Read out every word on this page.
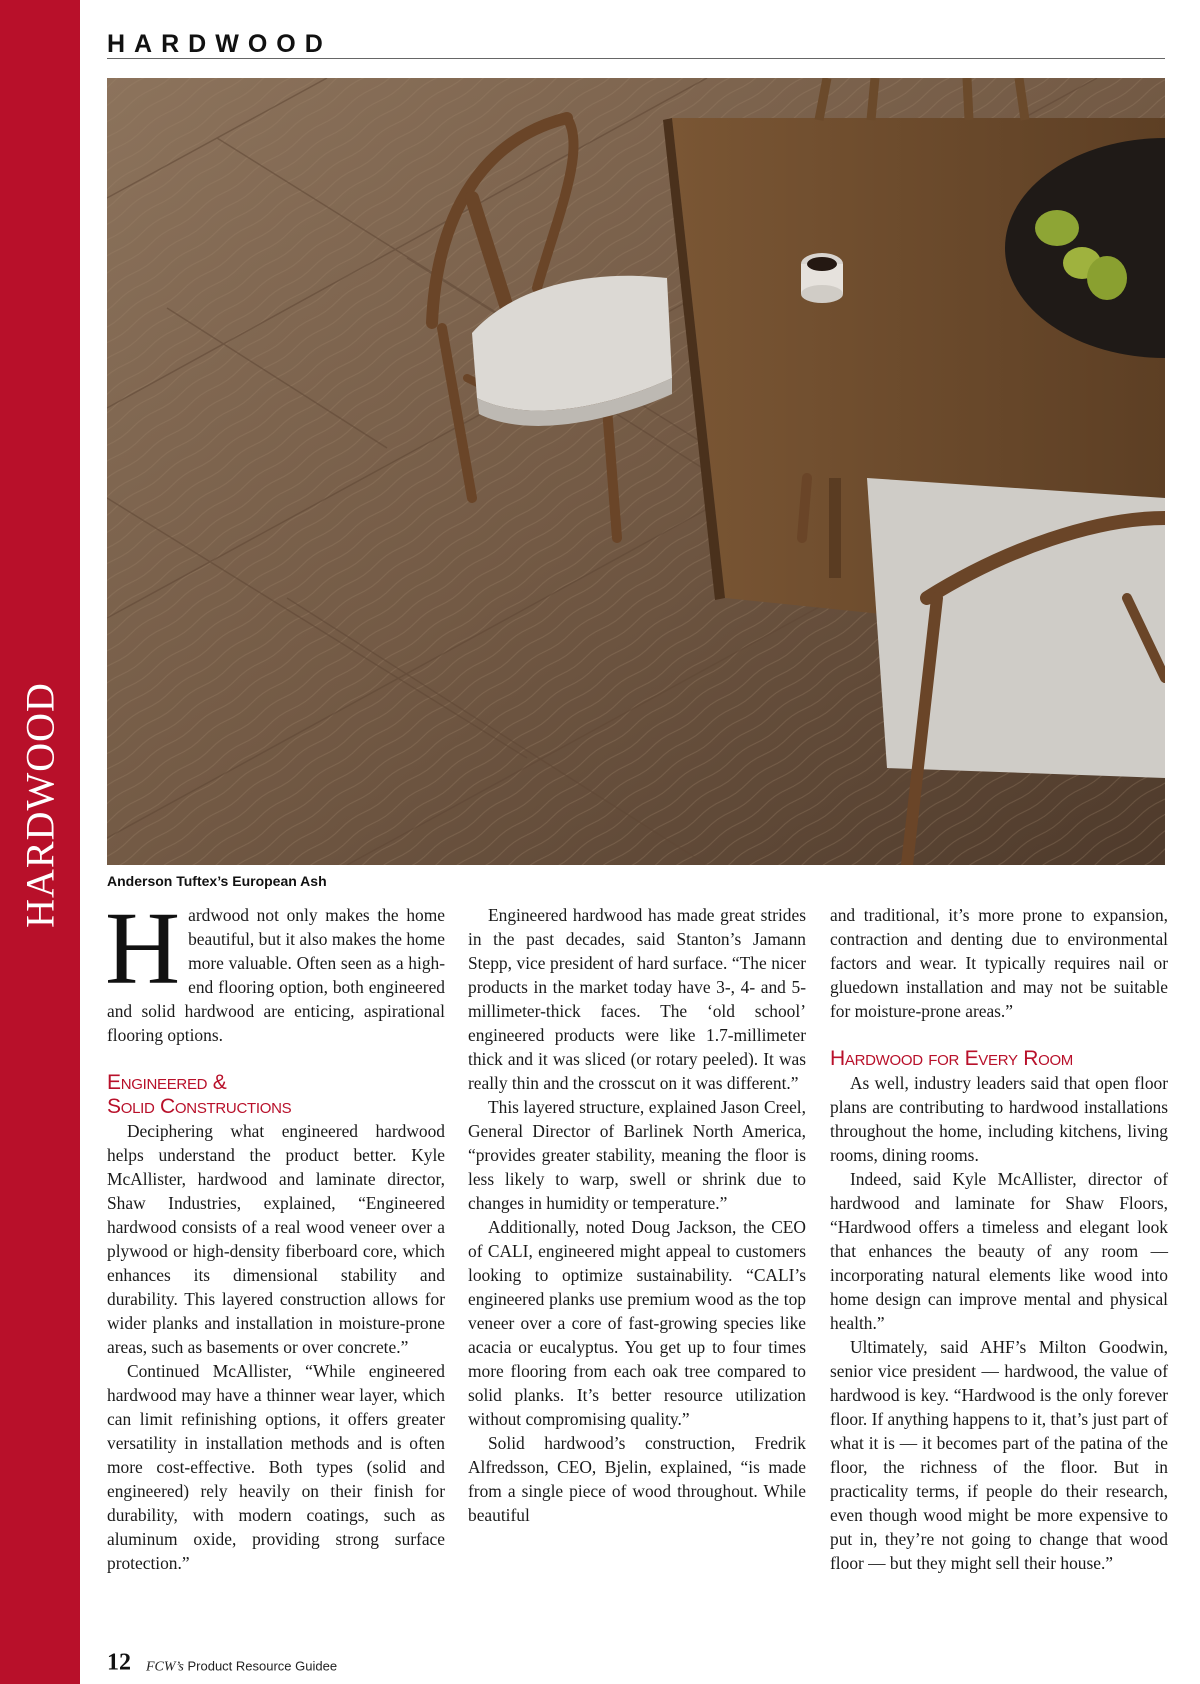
HARDWOOD
HARDWOOD
Anderson Tuftex’s European Ash

Hardwood not only makes the home beautiful, but it also makes the home more valuable. Often seen as a high-end flooring option, both engineered and solid hardwood are enticing, aspirational flooring options.

Engineered &
Solid Constructions

Deciphering what engineered hardwood helps understand the product better. Kyle McAllister, hardwood and laminate director, Shaw Industries, explained, “Engineered hardwood consists of a real wood veneer over a plywood or high-density fiberboard core, which enhances its dimensional stability and durability. This layered construction allows for wider planks and installation in moisture-prone areas, such as basements or over concrete.”

Continued McAllister, “While engineered hardwood may have a thinner wear layer, which can limit refinishing options, it offers greater versatility in installation methods and is often more cost-effective. Both types (solid and engineered) rely heavily on their finish for durability, with modern coatings, such as aluminum oxide, providing strong surface protection.”

Engineered hardwood has made great strides in the past decades, said Stanton’s Jamann Stepp, vice president of hard surface. “The nicer products in the market today have 3-, 4- and 5-millimeter-thick faces. The ‘old school’ engineered products were like 1.7-millimeter thick and it was sliced (or rotary peeled). It was really thin and the crosscut on it was different.”

This layered structure, explained Jason Creel, General Director of Barlinek North America, “provides greater stability, meaning the floor is less likely to warp, swell or shrink due to changes in humidity or temperature.”

Additionally, noted Doug Jackson, the CEO of CALI, engineered might appeal to customers looking to optimize sustainability. “CALI’s engineered planks use premium wood as the top veneer over a core of fast-growing species like acacia or eucalyptus. You get up to four times more flooring from each oak tree compared to solid planks. It’s better resource utilization without compromising quality.”

Solid hardwood’s construction, Fredrik Alfredsson, CEO, Bjelin, explained, “is made from a single piece of wood throughout. While beautiful

and traditional, it’s more prone to expansion, contraction and denting due to environmental factors and wear. It typically requires nail or gluedown installation and may not be suitable for moisture-prone areas.”

Hardwood for Every Room

As well, industry leaders said that open floor plans are contributing to hardwood installations throughout the home, including kitchens, living rooms, dining rooms.

Indeed, said Kyle McAllister, director of hardwood and laminate for Shaw Floors, “Hardwood offers a timeless and elegant look that enhances the beauty of any room — incorporating natural elements like wood into home design can improve mental and physical health.”

Ultimately, said AHF’s Milton Goodwin, senior vice president — hardwood, the value of hardwood is key. “Hardwood is the only forever floor. If anything happens to it, that’s just part of what it is — it becomes part of the patina of the floor, the richness of the floor. But in practicality terms, if people do their research, even though wood might be more expensive to put in, they’re not going to change that wood floor — but they might sell their house.”

12 FCW’s Product Resource Guidee
